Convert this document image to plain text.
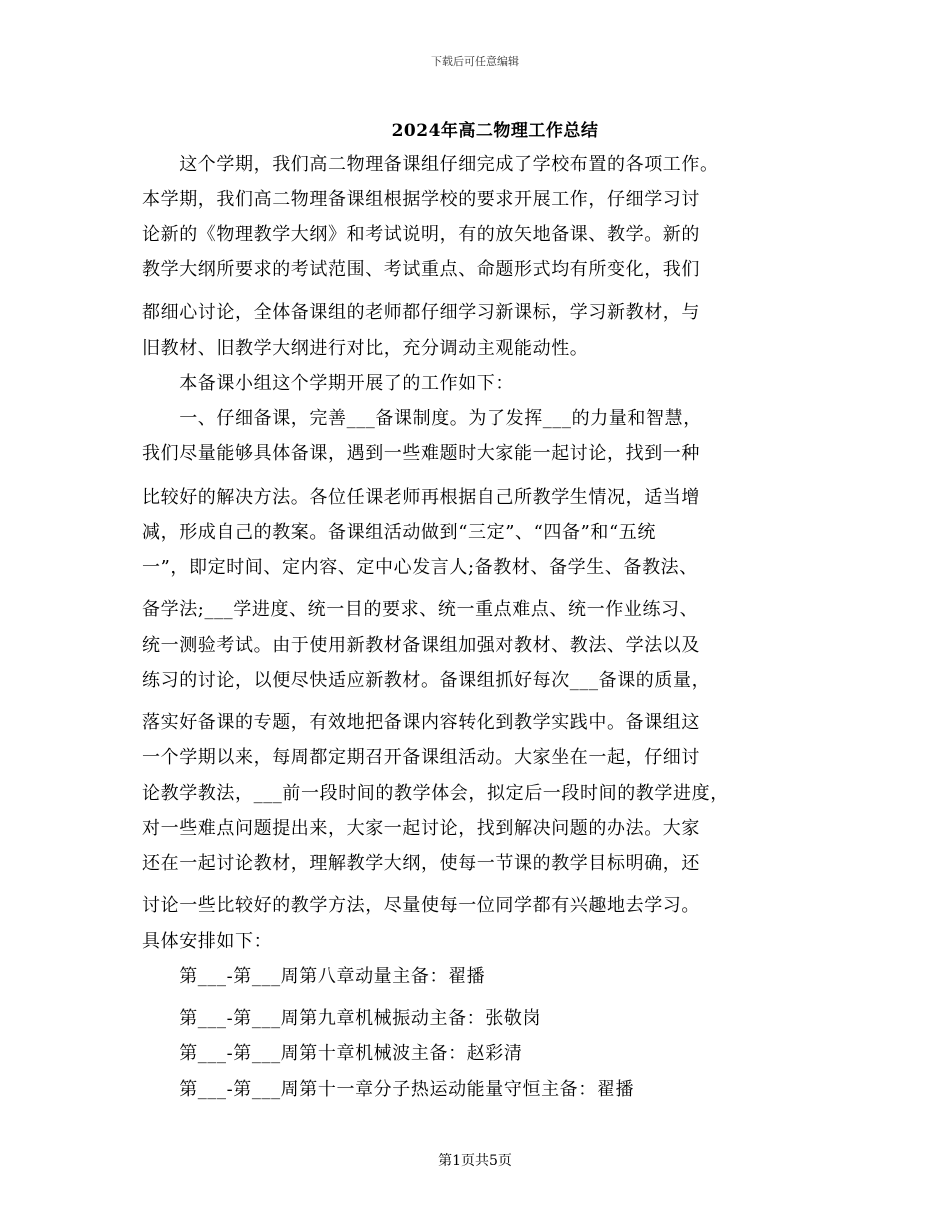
下载后可任意编辑
2024年高二物理工作总结
　　这个学期，我们高二物理备课组仔细完成了学校布置的各项工作。
本学期，我们高二物理备课组根据学校的要求开展工作，仔细学习讨
论新的《物理教学大纲》和考试说明，有的放矢地备课、教学。新的
教学大纲所要求的考试范围、考试重点、命题形式均有所变化，我们
都细心讨论，全体备课组的老师都仔细学习新课标，学习新教材，与
旧教材、旧教学大纲进行对比，充分调动主观能动性。
　　本备课小组这个学期开展了的工作如下：
　　一、仔细备课，完善___备课制度。为了发挥___的力量和智慧，
我们尽量能够具体备课，遇到一些难题时大家能一起讨论，找到一种
比较好的解决方法。各位任课老师再根据自己所教学生情况，适当增
减，形成自己的教案。备课组活动做到“三定”、“四备”和“五统
一”，即定时间、定内容、定中心发言人;备教材、备学生、备教法、
备学法;___学进度、统一目的要求、统一重点难点、统一作业练习、
统一测验考试。由于使用新教材备课组加强对教材、教法、学法以及
练习的讨论，以便尽快适应新教材。备课组抓好每次___备课的质量，
落实好备课的专题，有效地把备课内容转化到教学实践中。备课组这
一个学期以来，每周都定期召开备课组活动。大家坐在一起，仔细讨
论教学教法，___前一段时间的教学体会，拟定后一段时间的教学进度，
对一些难点问题提出来，大家一起讨论，找到解决问题的办法。大家
还在一起讨论教材，理解教学大纲，使每一节课的教学目标明确，还
讨论一些比较好的教学方法，尽量使每一位同学都有兴趣地去学习。
具体安排如下：
　　第___-第___周第八章动量主备：翟播
　　第___-第___周第九章机械振动主备：张敬岗
　　第___-第___周第十章机械波主备：赵彩清
　　第___-第___周第十一章分子热运动能量守恒主备：翟播
第1页共5页
